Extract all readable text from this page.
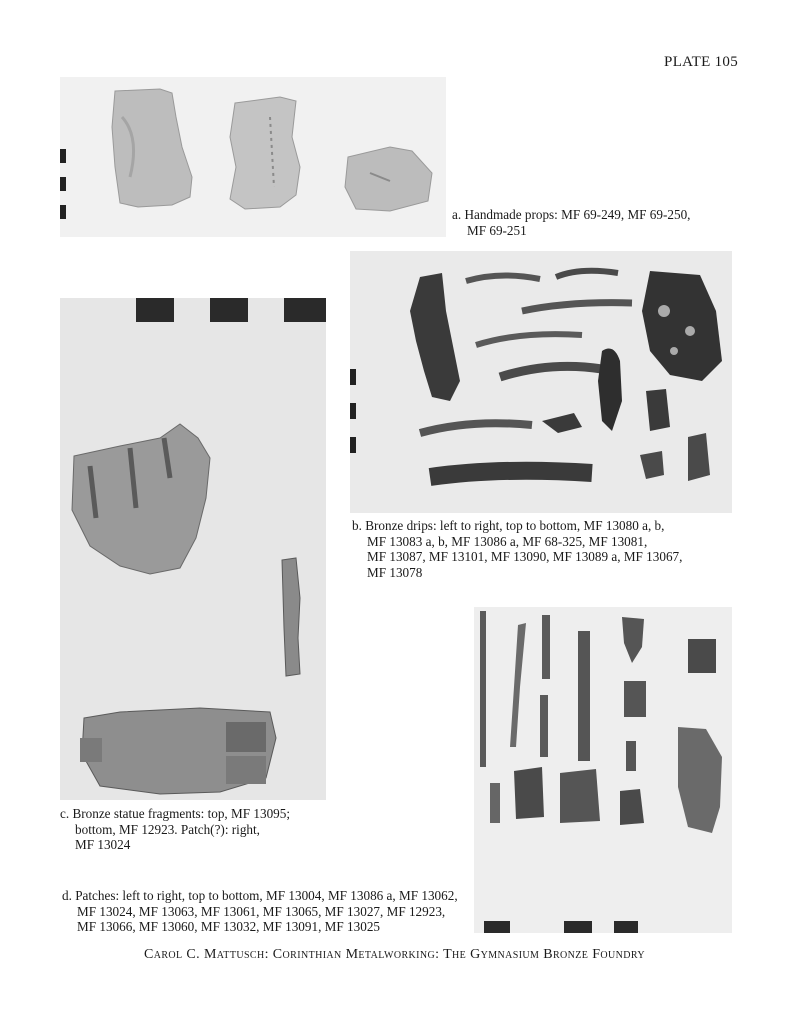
PLATE 105
a. Handmade props: MF 69-249, MF 69-250,
MF 69-251
b. Bronze drips: left to right, top to bottom, MF 13080 a, b,
MF 13083 a, b, MF 13086 a, MF 68-325, MF 13081,
MF 13087, MF 13101, MF 13090, MF 13089 a, MF 13067,
MF 13078
c. Bronze statue fragments: top, MF 13095;
bottom, MF 12923. Patch(?): right,
MF 13024
d. Patches: left to right, top to bottom, MF 13004, MF 13086 a, MF 13062,
MF 13024, MF 13063, MF 13061, MF 13065, MF 13027, MF 12923,
MF 13066, MF 13060, MF 13032, MF 13091, MF 13025
Carol C. Mattusch: Corinthian Metalworking: The Gymnasium Bronze Foundry
